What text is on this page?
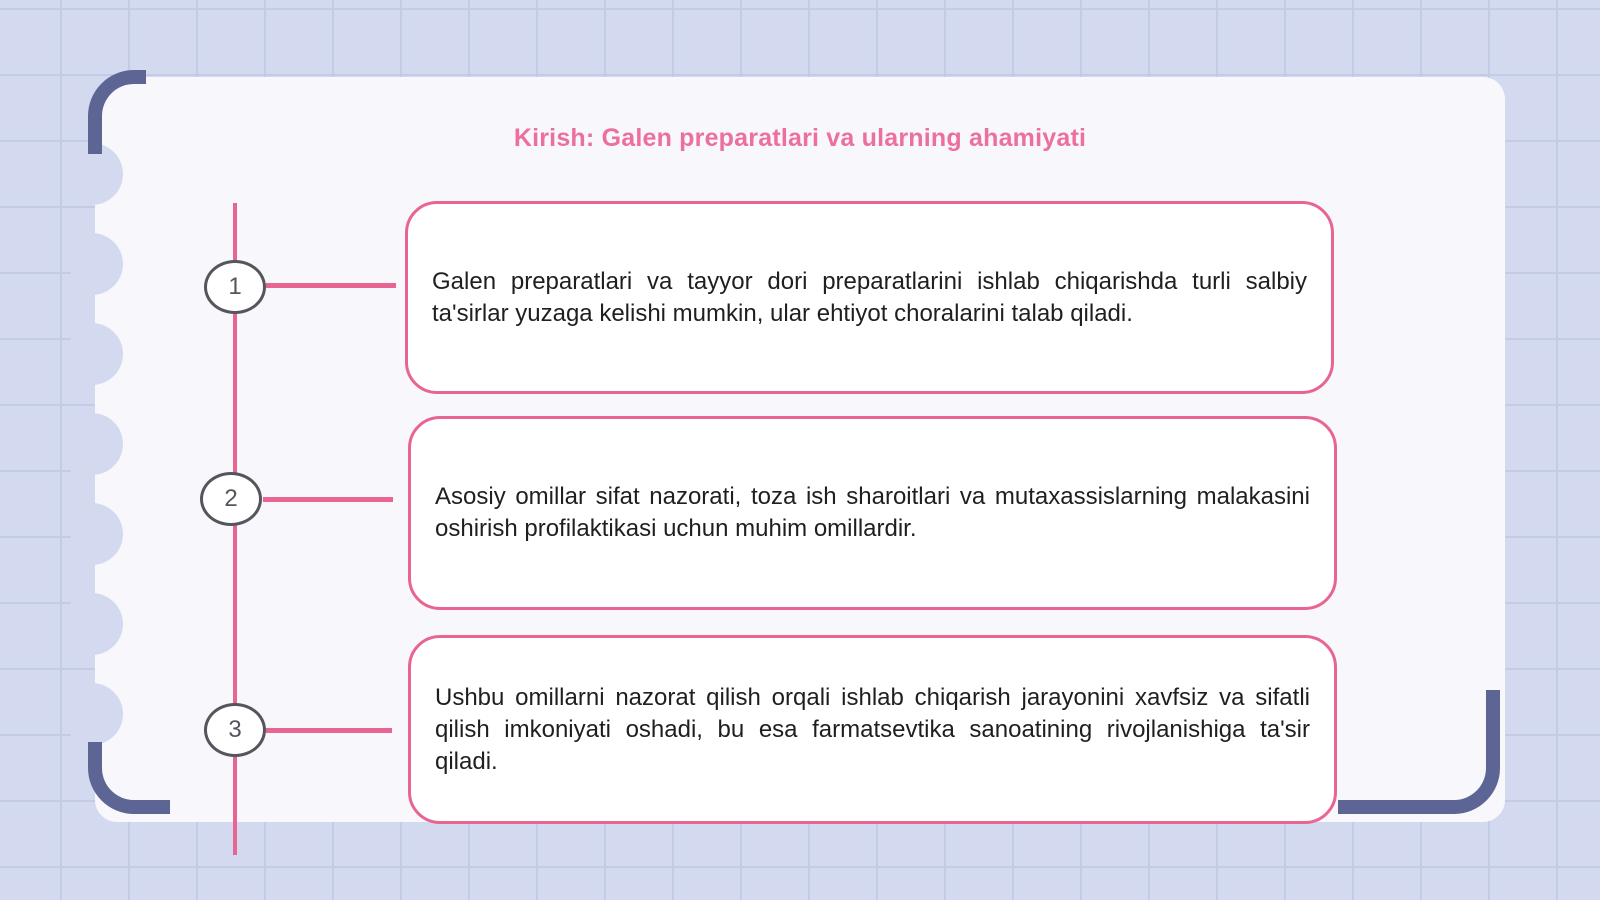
Kirish: Galen preparatlari va ularning ahamiyati
1	Galen preparatlari va tayyor dori preparatlarini ishlab chiqarishda turli salbiy ta'sirlar yuzaga kelishi mumkin, ular ehtiyot choralarini talab qiladi.
2	Asosiy omillar sifat nazorati, toza ish sharoitlari va mutaxassislarning malakasini oshirish profilaktikasi uchun muhim omillardir.
3
Ushbu omillarni nazorat qilish orqali ishlab chiqarish jarayonini xavfsiz va sifatli qilish imkoniyati oshadi, bu esa farmatsevtika sanoatining rivojlanishiga ta'sir qiladi.
